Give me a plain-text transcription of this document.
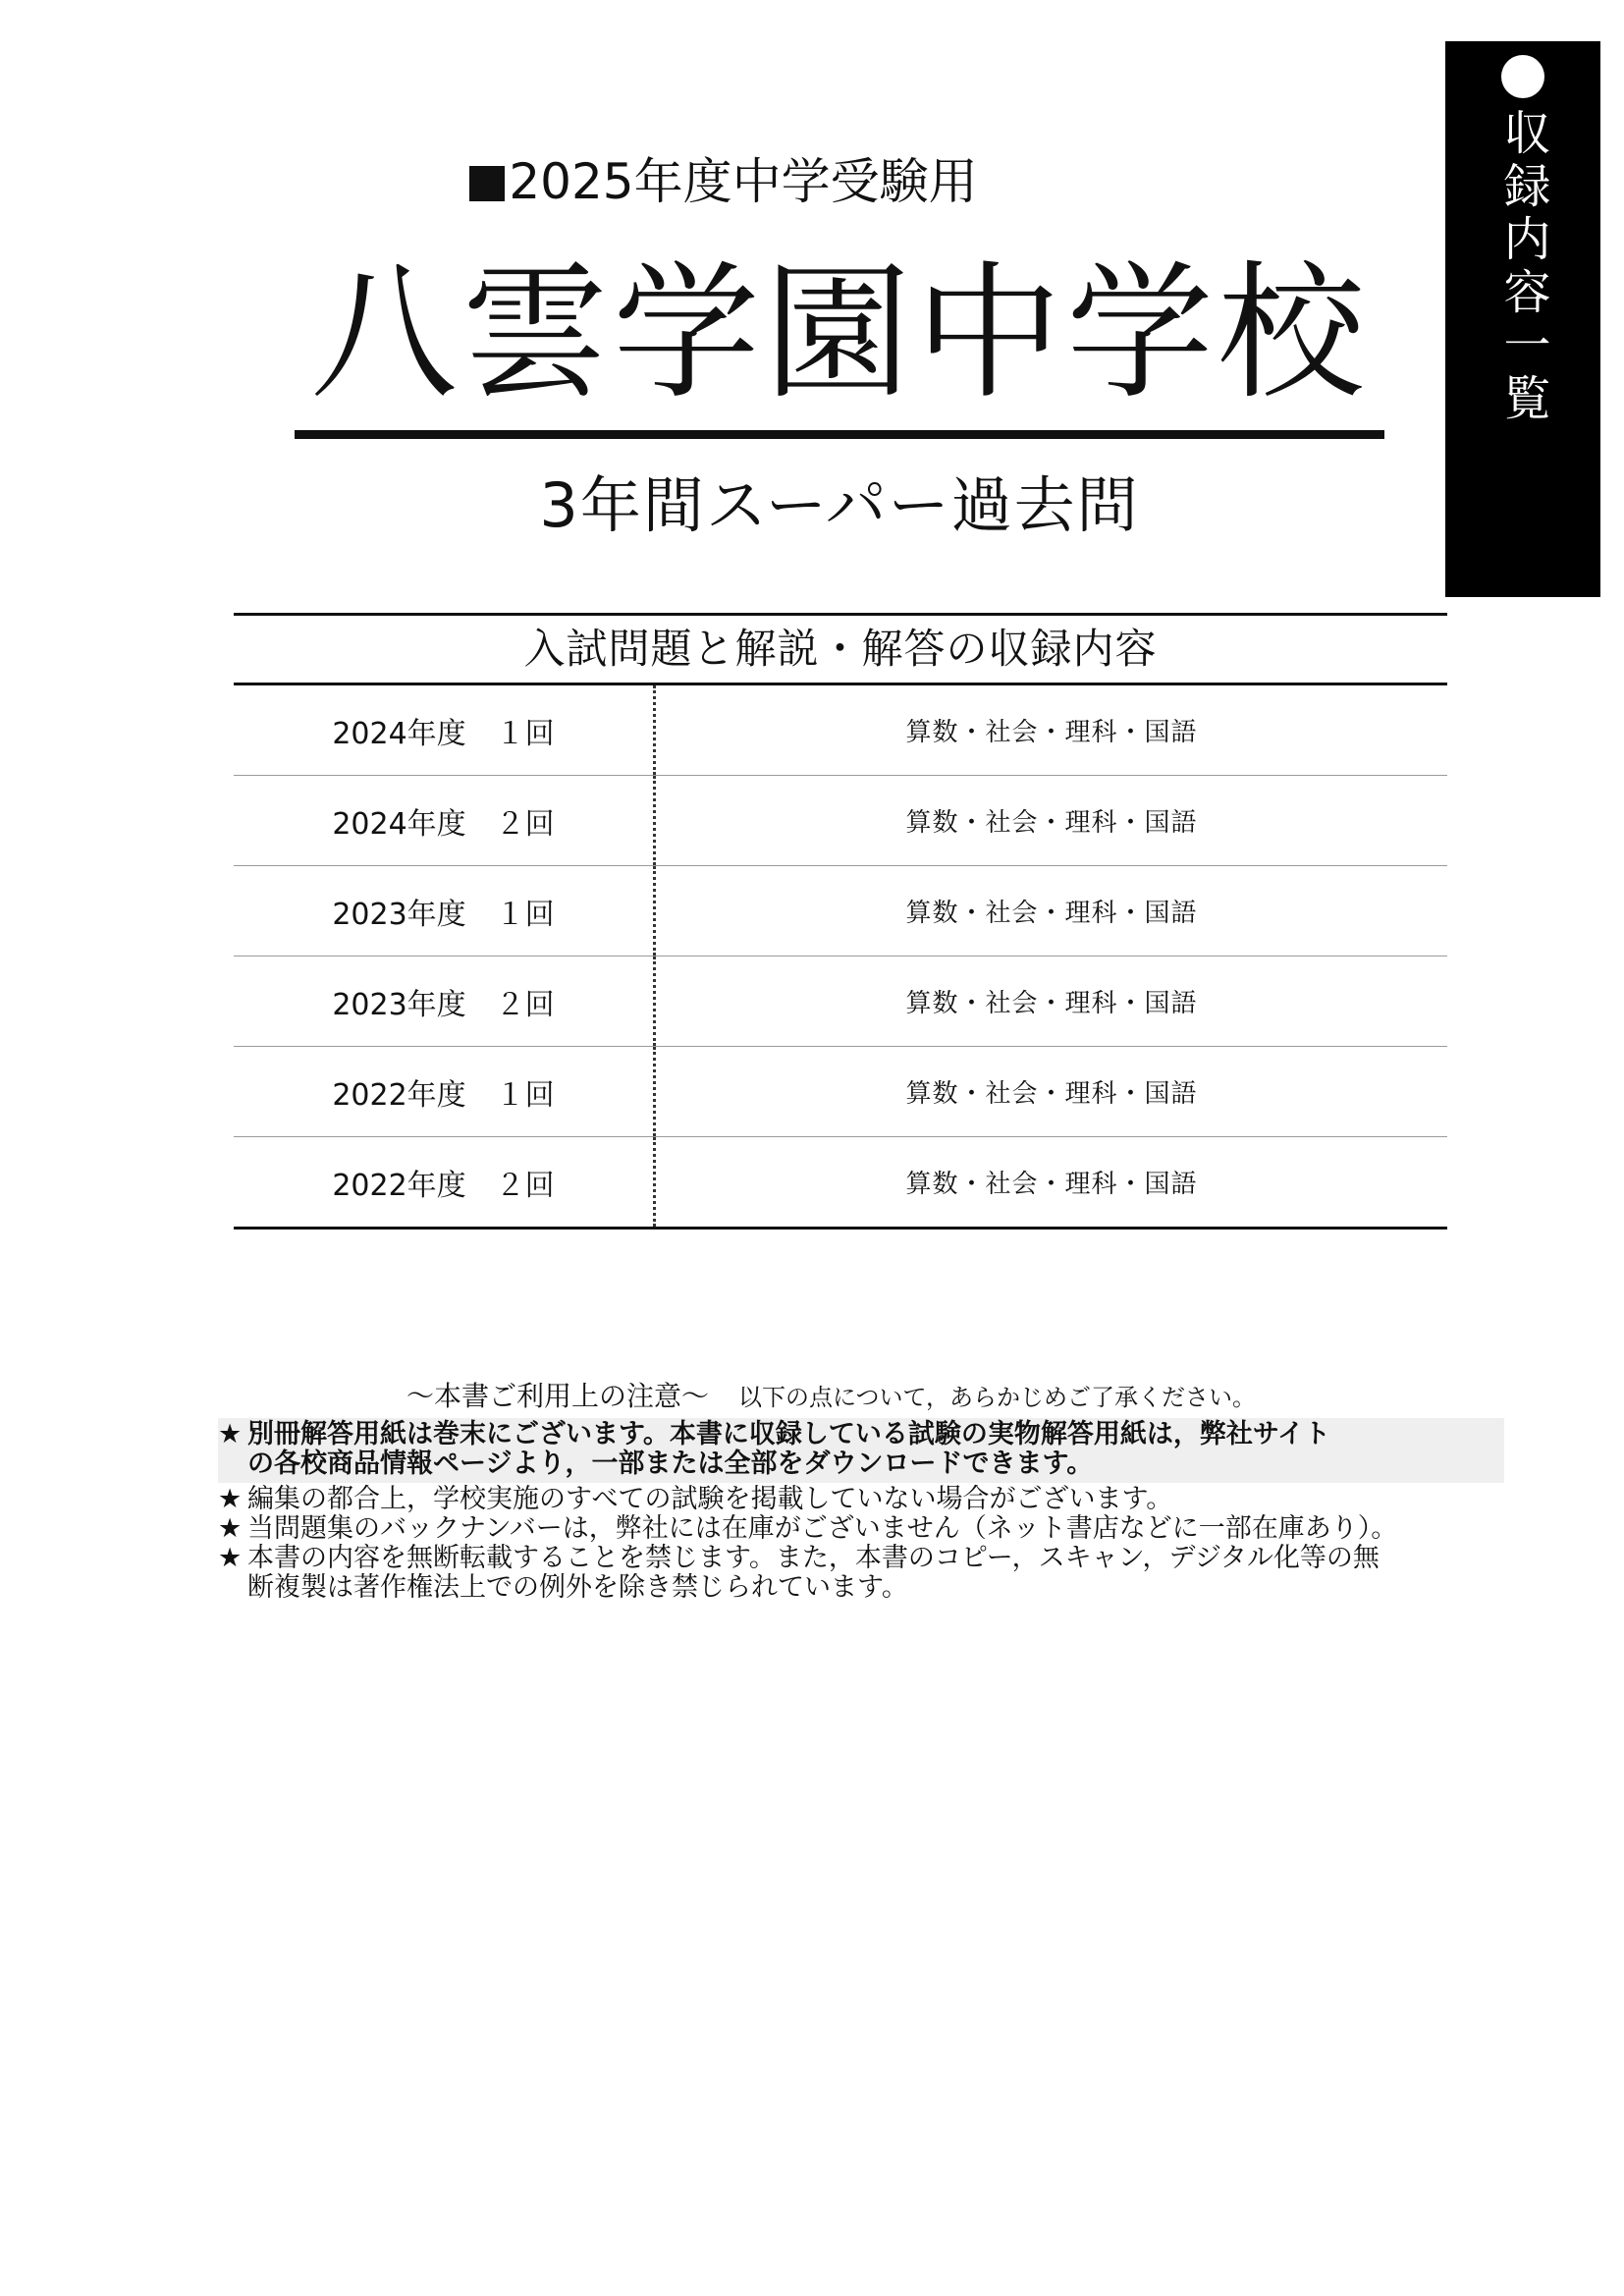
収録内容一覧
2025年度中学受験用
八雲学園中学校
3年間スーパー過去問
入試問題と解説・解答の収録内容
2024年度　１回	算数・社会・理科・国語
2024年度　２回	算数・社会・理科・国語
2023年度　１回	算数・社会・理科・国語
2023年度　２回	算数・社会・理科・国語
2022年度　１回	算数・社会・理科・国語
2022年度　２回	算数・社会・理科・国語
～本書ご利用上の注意～ 以下の点について，あらかじめご了承ください。
★ 別冊解答用紙は巻末にございます。本書に収録している試験の実物解答用紙は，弊社サイト
の各校商品情報ページより，一部または全部をダウンロードできます。
★ 編集の都合上，学校実施のすべての試験を掲載していない場合がございます。
★ 当問題集のバックナンバーは，弊社には在庫がございません（ネット書店などに一部在庫あり）。
★ 本書の内容を無断転載することを禁じます。また，本書のコピー，スキャン，デジタル化等の無
断複製は著作権法上での例外を除き禁じられています。
